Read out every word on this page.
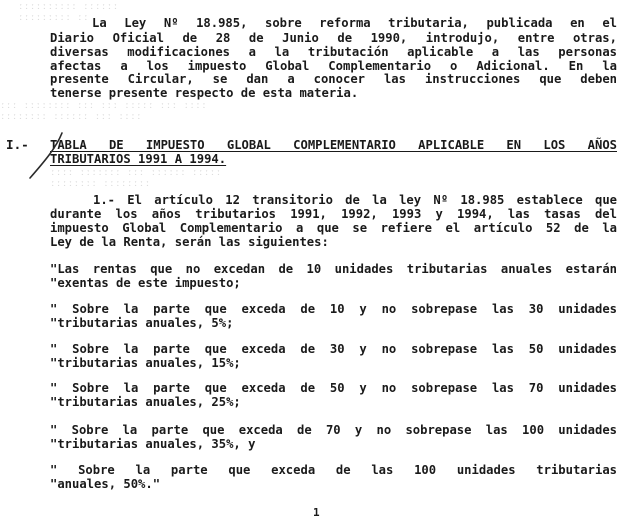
ːːːːːːːːːː ːːːːːː
ːːːːːːːːː ːː
ːːː ːːːːːːːː ːːː ːːː ːːːːː ːːː ːːːː
ːːːːːːːː ːːːːːː ːːː ːːːː
ːːːː ːːːːːːː ːːː ːːːːːː ːːːːː
ːːːːːːːː ːːːːːːːː
La Ley Nº 18.985, sobre reforma tributaria, publicada en el
Diario Oficial de 28 de Junio de 1990, introdujo, entre otras,
diversas modificaciones a la tributación aplicable a las personas
afectas a los impuesto Global Complementario o Adicional. En la
presente Circular, se dan a conocer las instrucciones que deben
tenerse presente respecto de esta materia.
I.- TABLA DE IMPUESTO GLOBAL COMPLEMENTARIO APLICABLE EN LOS AÑOS
TRIBUTARIOS 1991 A 1994.
1.- El artículo 12 transitorio de la ley Nº 18.985 establece que
durante los años tributarios 1991, 1992, 1993 y 1994, las tasas del
impuesto Global Complementario a que se refiere el artículo 52 de la
Ley de la Renta, serán las siguientes:
"Las rentas que no excedan de 10 unidades tributarias anuales estarán
"exentas de este impuesto;
" Sobre la parte que exceda de 10 y no sobrepase las 30 unidades
"tributarias anuales, 5%;
" Sobre la parte que exceda de 30 y no sobrepase las 50 unidades
"tributarias anuales, 15%;
" Sobre la parte que exceda de 50 y no sobrepase las 70 unidades
"tributarias anuales, 25%;
" Sobre la parte que exceda de 70 y no sobrepase las 100 unidades
"tributarias anuales, 35%, y
" Sobre la parte que exceda de las 100 unidades tributarias
"anuales, 50%."
1
